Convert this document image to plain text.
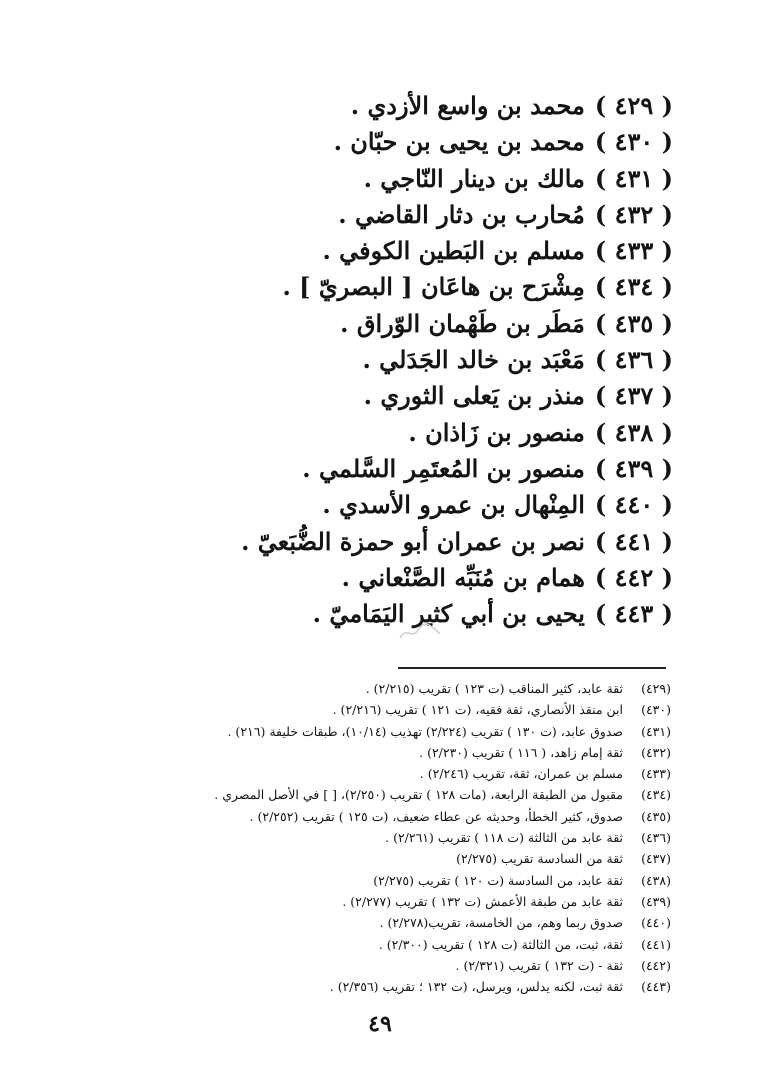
( ٤٢٩ )محمد بن واسع الأزدي .
( ٤٣٠ )محمد بن يحيى بن حبّان .
( ٤٣١ )مالك بن دينار النّاجي .
( ٤٣٢ )مُحارب بن دثار القاضي .
( ٤٣٣ )مسلم بن البَطين الكوفي .
( ٤٣٤ )مِشْرَح بن هاعَان [ البصريّ ] .
( ٤٣٥ )مَطَر بن طَهْمان الوّراق .
( ٤٣٦ )مَعْبَد بن خالد الجَدَلي .
( ٤٣٧ )منذر بن يَعلى الثوري .
( ٤٣٨ )منصور بن زَاذان .
( ٤٣٩ )منصور بن المُعتَمِر السَّلمي .
( ٤٤٠ )المِنْهال بن عمرو الأسدي .
( ٤٤١ )نصر بن عمران أبو حمزة الضُّبَعيّ .
( ٤٤٢ )همام بن مُنَبِّه الصَّنْعاني .
( ٤٤٣ )يحيى بن أبي كثير اليَمَاميّ .
(٤٢٩) ثقة عابد، كثير المناقب (ت ١٢٣ ) تقريب (٢/٢١٥) .
(٤٣٠) ابن منقذ الأنصاري، ثقة فقيه، (ت ١٢١ ) تقريب (٢/٢١٦) .
(٤٣١) صدوق عابد، (ت ١٣٠ ) تقريب (٢/٢٢٤) تهذيب (١٠/١٤)، طبقات خليفة (٢١٦) .
(٤٣٢) ثقة إمام زاهد، ( ١١٦ ) تقريب (٢/٢٣٠) .
(٤٣٣) مسلم بن عمران، ثقة، تقريب (٢/٢٤٦) .
(٤٣٤) مقبول من الطبقة الرابعة، (مات ١٢٨ ) تقريب (٢/٢٥٠)، [ ] في الأصل المصري .
(٤٣٥) صدوق، كثير الخطأ، وحديثه عن عطاء ضعيف، (ت ١٢٥ ) تقريب (٢/٢٥٢) .
(٤٣٦) ثقة عابد من الثالثة (ت ١١٨ ) تقريب (٢/٢٦١) .
(٤٣٧) ثقة من السادسة تقريب (٢/٢٧٥)
(٤٣٨) ثقة عابد، من السادسة (ت ١٢٠ ) تقريب (٢/٢٧٥)
(٤٣٩) ثقة عابد من طبقة الأعمش (ت ١٣٢ ) تقريب (٢/٢٧٧) .
(٤٤٠) صدوق ربما وهم، من الخامسة، تقريب(٢/٢٧٨) .
(٤٤١) ثقة، ثبت، من الثالثة (ت ١٢٨ ) تقريب (٢/٣٠٠) .
(٤٤٢) ثقة - (ت ١٣٢ ) تقريب (٢/٣٢١) .
(٤٤٣) ثقة ثبت، لكنه يدلس، ويرسل، (ت ١٣٢ ؛ تقريب (٢/٣٥٦) .
٤٩
